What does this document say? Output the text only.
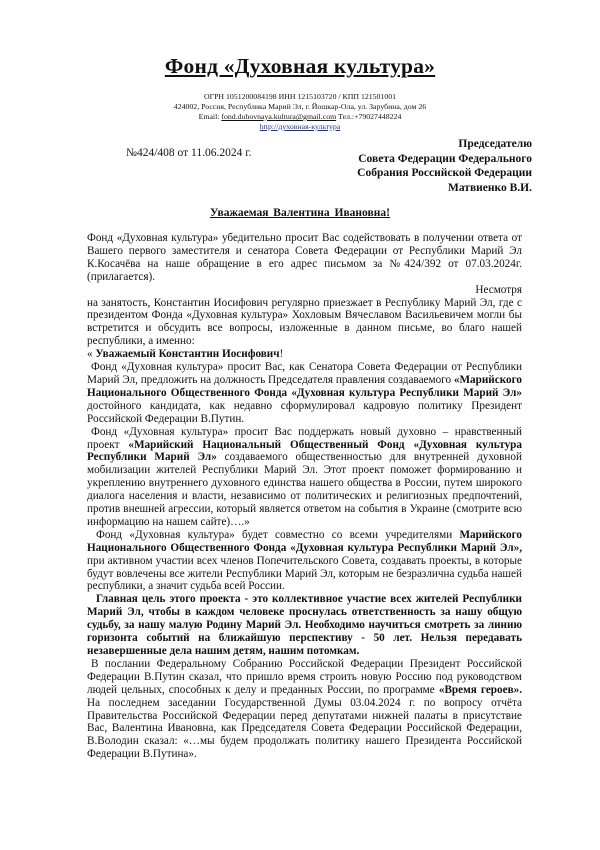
Фонд «Духовная культура»
ОГРН 1051200084198 ИНН 1215103720 / КПП 121501001
424002, Россия, Республика Марий Эл, г. Йошкар-Ола, ул. Зарубина, дом 26
Email: fond.duhovnaya.kultura@gmail.com Тел.:+79027448224
http://духовная-культура
№424/408 от 11.06.2024 г.
Председателю
Совета Федерации Федерального
Собрания Российской Федерации
Матвиенко В.И.
Уважаемая Валентина Ивановна!

Фонд «Духовная культура» убедительно просит Вас содействовать в получении ответа от Вашего первого заместителя и сенатора Совета Федерации от Республики Марий Эл К.Косачёва на наше обращение в его адрес письмом за №424/392 от 07.03.2024г.(прилагается).

Несмотря

на занятость, Константин Иосифович регулярно приезжает в Республику Марий Эл, где с президентом Фонда «Духовная культура» Хохловым Вячеславом Васильевичем могли бы встретится и обсудить все вопросы, изложенные в данном письме, во благо нашей республики, а именно:

« Уважаемый Константин Иосифович!

Фонд «Духовная культура» просит Вас, как Сенатора Совета Федерации от Республики Марий Эл, предложить на должность Председателя правления создаваемого «Марийского Национального Общественного Фонда «Духовная культура Республики Марий Эл» достойного кандидата, как недавно сформулировал кадровую политику Президент Российской Федерации В.Путин.

Фонд «Духовная культура» просит Вас поддержать новый духовно – нравственный проект «Марийский Национальный Общественный Фонд «Духовная культура Республики Марий Эл» создаваемого общественностью для внутренней духовной мобилизации жителей Республики Марий Эл. Этот проект поможет формированию и укреплению внутреннего духовного единства нашего общества в России, путем широкого диалога населения и власти, независимо от политических и религиозных предпочтений, против внешней агрессии, который является ответом на события в Украине (смотрите всю информацию на нашем сайте)….»

Фонд «Духовная культура» будет совместно со всеми учредителями Марийского Национального Общественного Фонда «Духовная культура Республики Марий Эл», при активном участии всех членов Попечительского Совета, создавать проекты, в которые будут вовлечены все жители Республики Марий Эл, которым не безразлична судьба нашей республики, а значит судьба всей России.

Главная цель этого проекта - это коллективное участие всех жителей Республики Марий Эл, чтобы в каждом человеке проснулась ответственность за нашу общую судьбу, за нашу малую Родину Марий Эл. Необходимо научиться смотреть за линию горизонта событий на ближайшую перспективу - 50 лет. Нельзя передавать незавершенные дела нашим детям, нашим потомкам.

В послании Федеральному Собранию Российской Федерации Президент Российской Федерации В.Путин сказал, что пришло время строить новую Россию под руководством людей цельных, способных к делу и преданных России, по программе «Время героев». На последнем заседании Государственной Думы 03.04.2024 г. по вопросу отчёта Правительства Российской Федерации перед депутатами нижней палаты в присутствие Вас, Валентина Ивановна, как Председателя Совета Федерации Российской Федерации, В.Володин сказал: «…мы будем продолжать политику нашего Президента Российской Федерации В.Путина».
